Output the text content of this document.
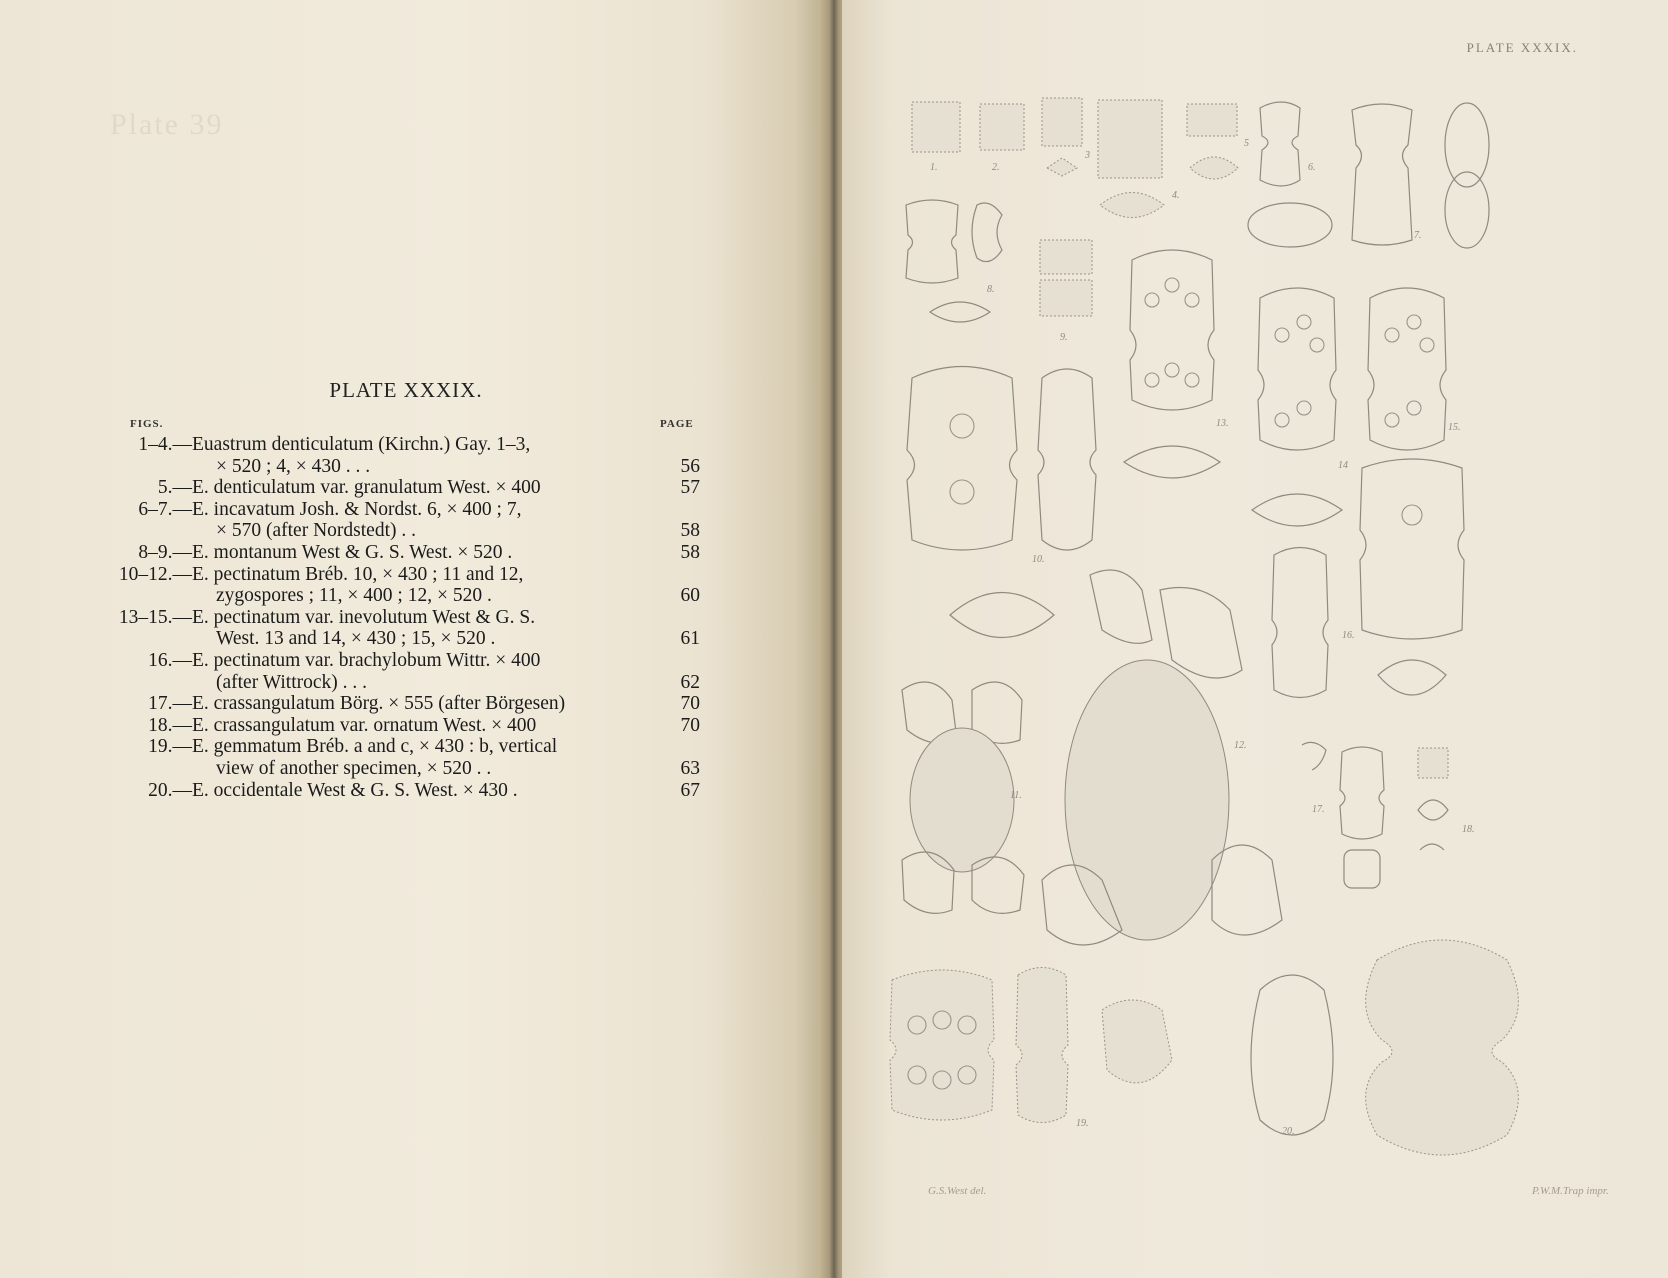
Plate 39
PLATE XXXIX.
FIGS.	PAGE
1–4.— Euastrum denticulatum (Kirchn.) Gay. 1–3,
× 520 ; 4, × 430 . . .	56
5.— E. denticulatum var. granulatum West. × 400	57
6–7.— E. incavatum Josh. & Nordst. 6, × 400 ; 7,
× 570 (after Nordstedt) . .	58
8–9.— E. montanum West & G. S. West. × 520 .	58
10–12.— E. pectinatum Bréb. 10, × 430 ; 11 and 12,
zygospores ; 11, × 400 ; 12, × 520 .	60
13–15.— E. pectinatum var. inevolutum West & G. S.
West. 13 and 14, × 430 ; 15, × 520 .	61
16.— E. pectinatum var. brachylobum Wittr. × 400
(after Wittrock) . . .	62
17.— E. crassangulatum Börg. × 555 (after Börgesen)	70
18.— E. crassangulatum var. ornatum West. × 400	70
19.— E. gemmatum Bréb. a and c, × 430 : b, vertical
view of another specimen, × 520 . .	63
20.— E. occidentale West & G. S. West. × 430 .	67
PLATE XXXIX.
1.	2.
3
4.
5
6.
7.
8.
9.
13.
14
15.
10.
16.
12.
11.
17.
18.
19.
20.
G.S.West del.	P.W.M.Trap impr.
